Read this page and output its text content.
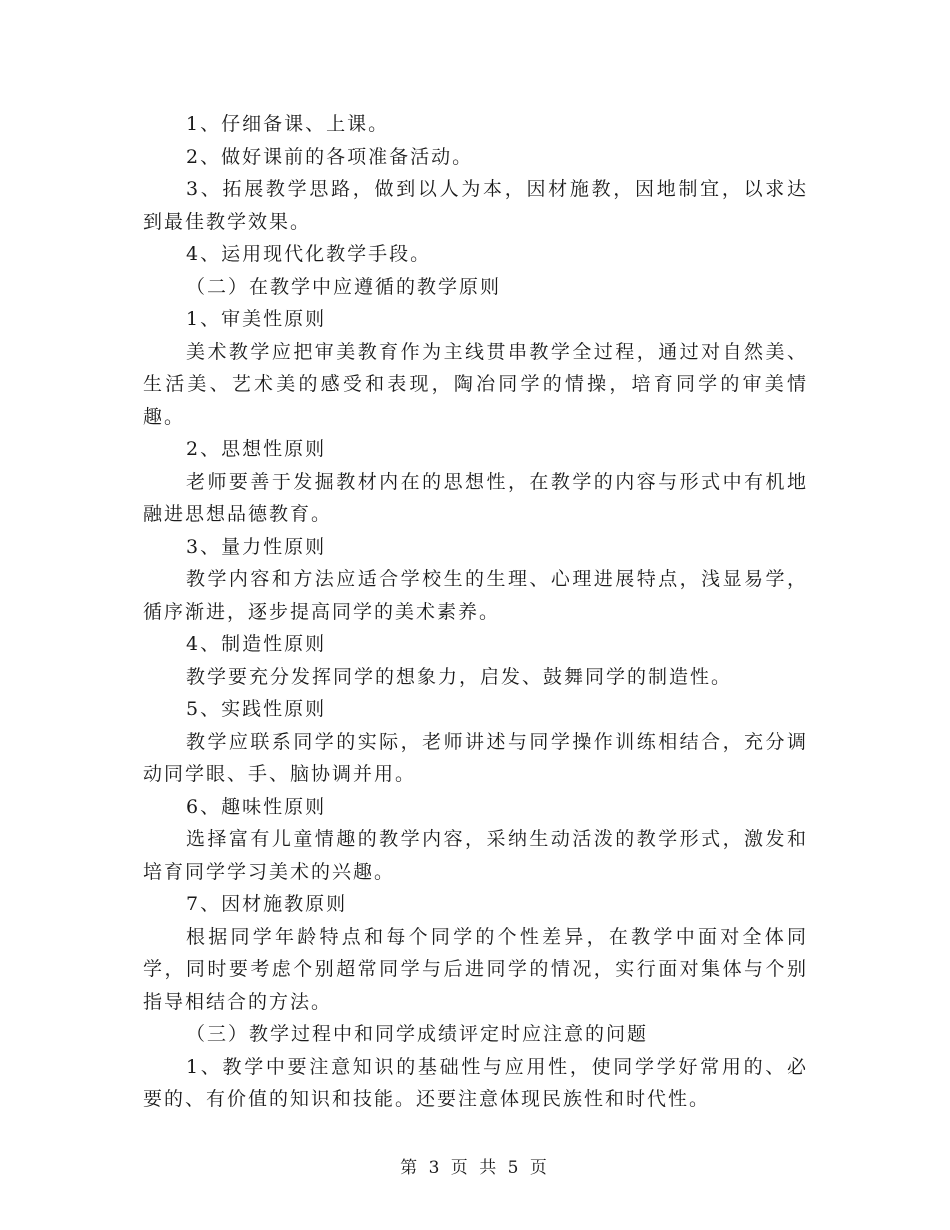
1、仔细备课、上课。

2、做好课前的各项准备活动。

3、拓展教学思路，做到以人为本，因材施教，因地制宜，以求达到最佳教学效果。

4、运用现代化教学手段。

（二）在教学中应遵循的教学原则

1、审美性原则

美术教学应把审美教育作为主线贯串教学全过程，通过对自然美、生活美、艺术美的感受和表现，陶冶同学的情操，培育同学的审美情趣。

2、思想性原则

老师要善于发掘教材内在的思想性，在教学的内容与形式中有机地融进思想品德教育。

3、量力性原则

教学内容和方法应适合学校生的生理、心理进展特点，浅显易学，循序渐进，逐步提高同学的美术素养。

4、制造性原则

教学要充分发挥同学的想象力，启发、鼓舞同学的制造性。

5、实践性原则

教学应联系同学的实际，老师讲述与同学操作训练相结合，充分调动同学眼、手、脑协调并用。

6、趣味性原则

选择富有儿童情趣的教学内容，采纳生动活泼的教学形式，激发和培育同学学习美术的兴趣。

7、因材施教原则

根据同学年龄特点和每个同学的个性差异，在教学中面对全体同学，同时要考虑个别超常同学与后进同学的情况，实行面对集体与个别指导相结合的方法。

（三）教学过程中和同学成绩评定时应注意的问题

1、教学中要注意知识的基础性与应用性，使同学学好常用的、必要的、有价值的知识和技能。还要注意体现民族性和时代性。

第 3 页 共 5 页
